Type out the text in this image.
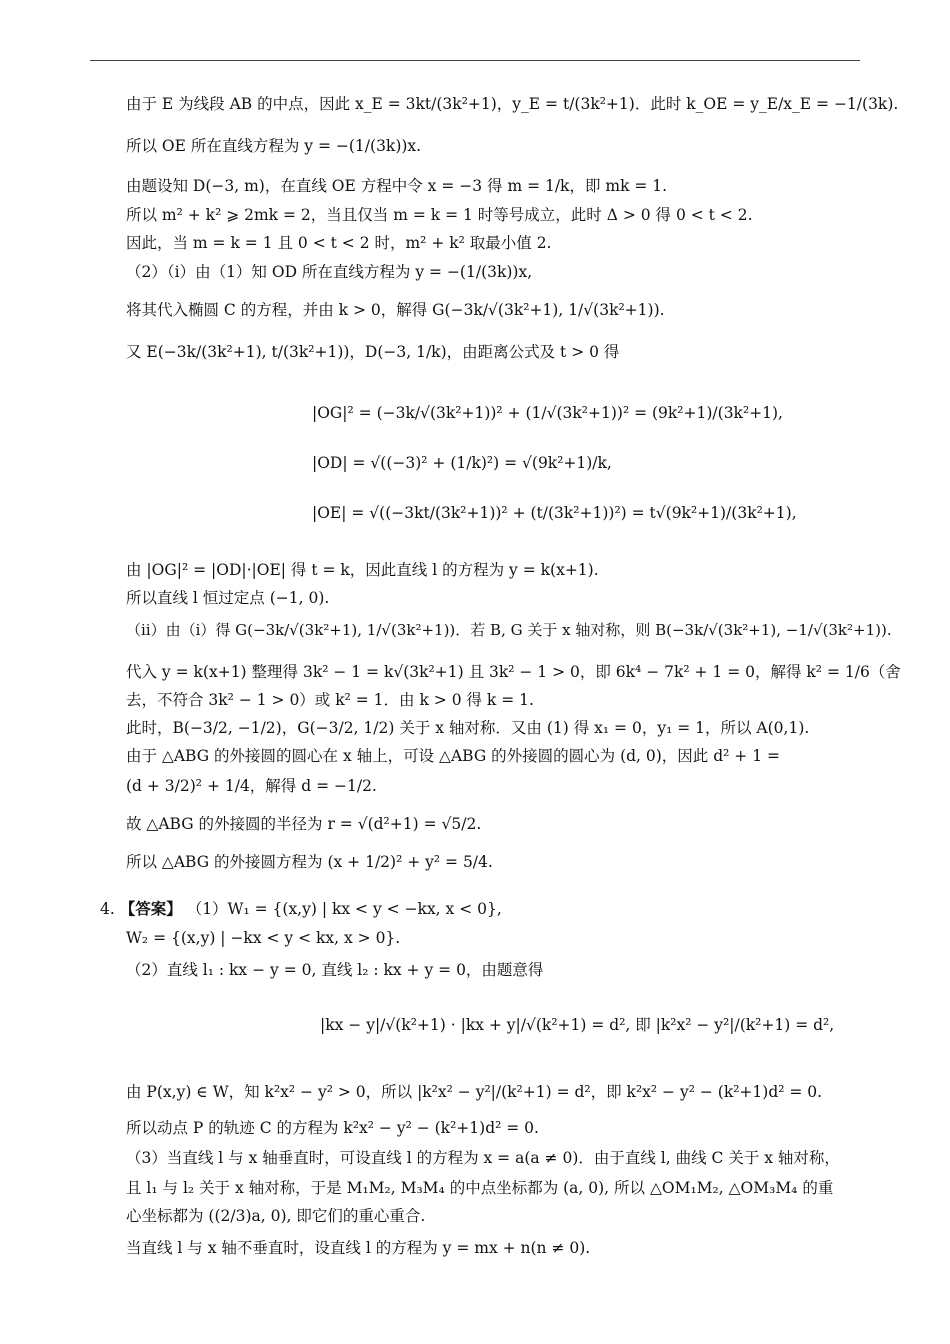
由于 E 为线段 AB 的中点，因此 x_E = 3kt/(3k²+1)，y_E = t/(3k²+1)．此时 k_OE = y_E/x_E = −1/(3k).
所以 OE 所在直线方程为 y = −(1/(3k))x.
由题设知 D(−3, m)，在直线 OE 方程中令 x = −3 得 m = 1/k，即 mk = 1.
所以 m² + k² ⩾ 2mk = 2，当且仅当 m = k = 1 时等号成立，此时 Δ > 0 得 0 < t < 2.
因此，当 m = k = 1 且 0 < t < 2 时，m² + k² 取最小值 2.
（2）（ⅰ）由（1）知 OD 所在直线方程为 y = −(1/(3k))x,
将其代入椭圆 C 的方程，并由 k > 0，解得 G(−3k/√(3k²+1), 1/√(3k²+1)).
又 E(−3k/(3k²+1), t/(3k²+1))，D(−3, 1/k)，由距离公式及 t > 0 得
|OG|² = (−3k/√(3k²+1))² + (1/√(3k²+1))² = (9k²+1)/(3k²+1),
|OD| = √((−3)² + (1/k)²) = √(9k²+1)/k,
|OE| = √((−3kt/(3k²+1))² + (t/(3k²+1))²) = t√(9k²+1)/(3k²+1),
由 |OG|² = |OD|·|OE| 得 t = k，因此直线 l 的方程为 y = k(x+1).
所以直线 l 恒过定点 (−1, 0).
（ⅱ）由（ⅰ）得 G(−3k/√(3k²+1), 1/√(3k²+1))．若 B, G 关于 x 轴对称，则 B(−3k/√(3k²+1), −1/√(3k²+1)).
代入 y = k(x+1) 整理得 3k² − 1 = k√(3k²+1) 且 3k² − 1 > 0，即 6k⁴ − 7k² + 1 = 0，解得 k² = 1/6（舍
去，不符合 3k² − 1 > 0）或 k² = 1．由 k > 0 得 k = 1.
此时，B(−3/2, −1/2)，G(−3/2, 1/2) 关于 x 轴对称．又由 (1) 得 x₁ = 0，y₁ = 1，所以 A(0,1).
由于 △ABG 的外接圆的圆心在 x 轴上，可设 △ABG 的外接圆的圆心为 (d, 0)，因此 d² + 1 =
(d + 3/2)² + 1/4，解得 d = −1/2.
故 △ABG 的外接圆的半径为 r = √(d²+1) = √5/2.
所以 △ABG 的外接圆方程为 (x + 1/2)² + y² = 5/4.
4. 【答案】 （1）W₁ = {(x,y) | kx < y < −kx, x < 0},
W₂ = {(x,y) | −kx < y < kx, x > 0}.
（2）直线 l₁ : kx − y = 0, 直线 l₂ : kx + y = 0，由题意得
|kx − y|/√(k²+1) · |kx + y|/√(k²+1) = d², 即 |k²x² − y²|/(k²+1) = d²,
由 P(x,y) ∈ W，知 k²x² − y² > 0，所以 |k²x² − y²|/(k²+1) = d²，即 k²x² − y² − (k²+1)d² = 0.
所以动点 P 的轨迹 C 的方程为 k²x² − y² − (k²+1)d² = 0.
（3）当直线 l 与 x 轴垂直时，可设直线 l 的方程为 x = a(a ≠ 0)．由于直线 l, 曲线 C 关于 x 轴对称，
且 l₁ 与 l₂ 关于 x 轴对称，于是 M₁M₂, M₃M₄ 的中点坐标都为 (a, 0), 所以 △OM₁M₂, △OM₃M₄ 的重
心坐标都为 ((2/3)a, 0), 即它们的重心重合.
当直线 l 与 x 轴不垂直时，设直线 l 的方程为 y = mx + n(n ≠ 0).
